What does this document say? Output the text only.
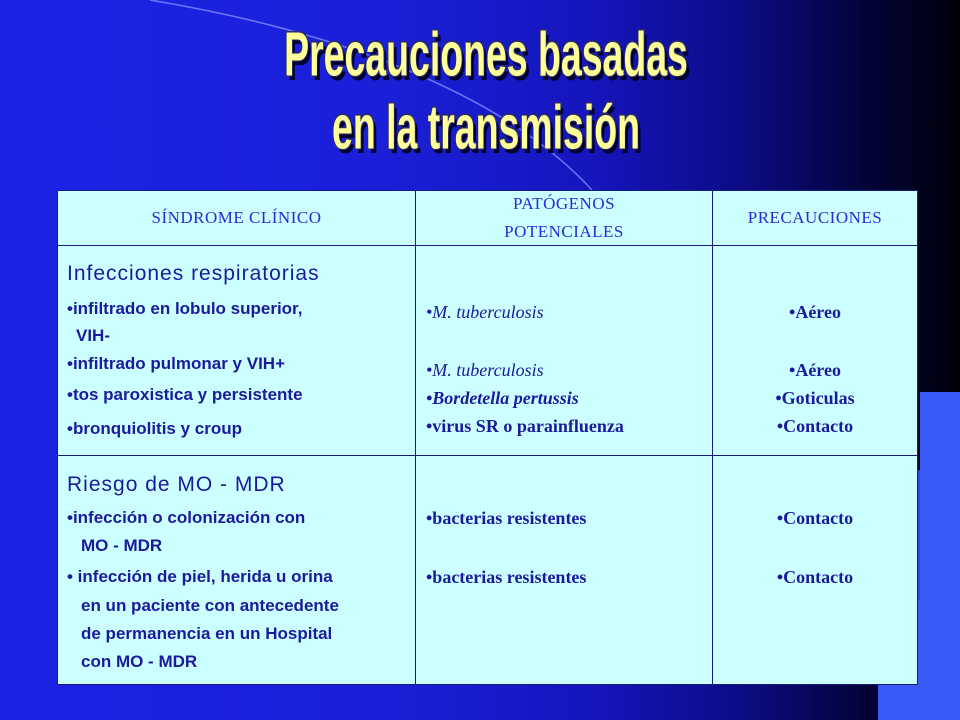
Precauciones basadas
en la transmisión
SÍNDROME CLÍNICO
PATÓGENOS
POTENCIALES
PRECAUCIONES
Infecciones respiratorias
•infiltrado en lobulo superior,
VIH-
•infiltrado pulmonar y VIH+
•tos paroxistica y persistente
•bronquiolitis y croup
•M. tuberculosis
•M. tuberculosis
•Bordetella pertussis
•virus SR o parainfluenza
•Aéreo
•Aéreo
•Goticulas
•Contacto
Riesgo de MO - MDR
•infección o colonización con
MO - MDR
• infección de piel, herida u orina
en un paciente con antecedente
de permanencia en un Hospital
con MO - MDR
•bacterias resistentes
•bacterias resistentes
•Contacto
•Contacto
